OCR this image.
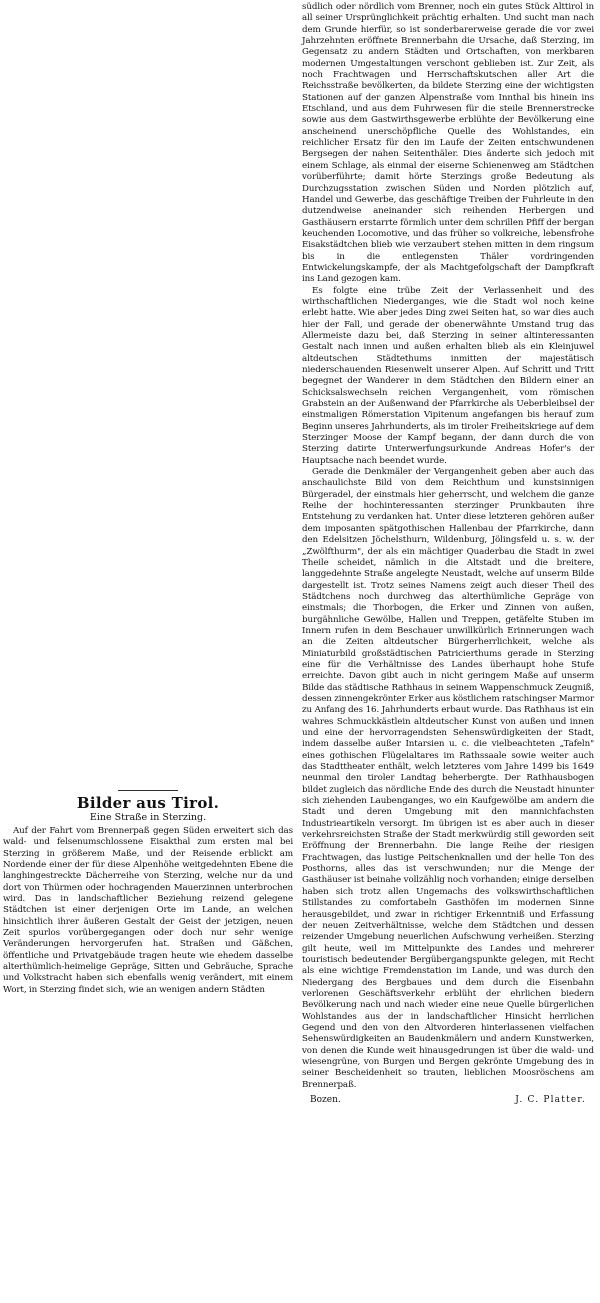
Bilder aus Tirol.

Eine Straße in Sterzing.

Auf der Fahrt vom Brennerpaß gegen Süden erweitert sich das wald- und felsenumschlossene Eisakthal zum ersten mal bei Sterzing in größerem Maße, und der Reisende erblickt am Nordende einer der für diese Alpenhöhe weitgedehnten Ebene die langhingestreckte Dächerreihe von Sterzing, welche nur da und dort von Thürmen oder hochragenden Mauerzinnen unterbrochen wird. Das in landschaftlicher Beziehung reizend gelegene Städtchen ist einer derjenigen Orte im Lande, an welchen hinsichtlich ihrer äußeren Gestalt der Geist der jetzigen, neuen Zeit spurlos vorübergegangen oder doch nur sehr wenige Veränderungen hervorgerufen hat. Straßen und Gäßchen, öffentliche und Privatgebäude tragen heute wie ehedem dasselbe alterthümlich-heimelige Gepräge, Sitten und Gebräuche, Sprache und Volkstracht haben sich ebenfalls wenig verändert, mit einem Wort, in Sterzing findet sich, wie an wenigen andern Städten

südlich oder nördlich vom Brenner, noch ein gutes Stück Alttirol in all seiner Ursprünglichkeit prächtig erhalten. Und sucht man nach dem Grunde hierfür, so ist sonderbarerweise gerade die vor zwei Jahrzehnten eröffnete Brennerbahn die Ursache, daß Sterzing, im Gegensatz zu andern Städten und Ortschaften, von merkbaren modernen Umgestaltungen verschont geblieben ist. Zur Zeit, als noch Frachtwagen und Herrschaftskutschen aller Art die Reichsstraße bevölkerten, da bildete Sterzing eine der wichtigsten Stationen auf der ganzen Alpenstraße vom Innthal bis hinein ins Etschland, und aus dem Fuhrwesen für die steile Brennerstrecke sowie aus dem Gastwirthsgewerbe erblühte der Bevölkerung eine anscheinend unerschöpfliche Quelle des Wohlstandes, ein reichlicher Ersatz für den im Laufe der Zeiten entschwundenen Bergsegen der nahen Seitenthäler. Dies änderte sich jedoch mit einem Schlage, als einmal der eiserne Schienenweg am Städtchen vorüberführte; damit hörte Sterzings große Bedeutung als Durchzugsstation zwischen Süden und Norden plötzlich auf, Handel und Gewerbe, das geschäftige Treiben der Fuhrleute in den dutzendweise aneinander sich reihenden Herbergen und Gasthäusern erstarrte förmlich unter dem schrillen Pfiff der bergan keuchenden Locomotive, und das früher so volkreiche, lebensfrohe Eisakstädtchen blieb wie verzaubert stehen mitten in dem ringsum bis in die entlegensten Thäler vordringenden Entwickelungskampfe, der als Machtgefolgschaft der Dampfkraft ins Land gezogen kam.

Es folgte eine trübe Zeit der Verlassenheit und des wirthschaftlichen Niederganges, wie die Stadt wol noch keine erlebt hatte. Wie aber jedes Ding zwei Seiten hat, so war dies auch hier der Fall, und gerade der obenerwähnte Umstand trug das Allermeiste dazu bei, daß Sterzing in seiner altinteressanten Gestalt nach innen und außen erhalten blieb als ein Kleinjuwel altdeutschen Städtethums inmitten der majestätisch niederschauenden Riesenwelt unserer Alpen. Auf Schritt und Tritt begegnet der Wanderer in dem Städtchen den Bildern einer an Schicksalswechseln reichen Vergangenheit, vom römischen Grabstein an der Außenwand der Pfarrkirche als Ueberbleibsel der einstmaligen Römerstation Vipitenum angefangen bis herauf zum Beginn unseres Jahrhunderts, als im tiroler Freiheitskriege auf dem Sterzinger Moose der Kampf begann, der dann durch die von Sterzing datirte Unterwerfungsurkunde Andreas Hofer's der Hauptsache nach beendet wurde.

Gerade die Denkmäler der Vergangenheit geben aber auch das anschaulichste Bild von dem Reichthum und kunstsinnigen Bürgeradel, der einstmals hier geherrscht, und welchem die ganze Reihe der hochinteressanten sterzinger Prunkbauten ihre Entstehung zu verdanken hat. Unter diese letzteren gehören außer dem imposanten spätgothischen Hallenbau der Pfarrkirche, dann den Edelsitzen Jöchelsthurn, Wildenburg, Jölingsfeld u. s. w. der „Zwölfthurm", der als ein mächtiger Quaderbau die Stadt in zwei Theile scheidet, nämlich in die Altstadt und die breitere, langgedehnte Straße angelegte Neustadt, welche auf unserm Bilde dargestellt ist. Trotz seines Namens zeigt auch dieser Theil des Städtchens noch durchweg das alterthümliche Gepräge von einstmals; die Thorbogen, die Erker und Zinnen von außen, burgähnliche Gewölbe, Hallen und Treppen, getäfelte Stuben im Innern rufen in dem Beschauer unwillkürlich Erinnerungen wach an die Zeiten altdeutscher Bürgerherrlichkeit, welche als Miniaturbild großstädtischen Patricierthums gerade in Sterzing eine für die Verhältnisse des Landes überhaupt hohe Stufe erreichte. Davon gibt auch in nicht geringem Maße auf unserm Bilde das städtische Rathhaus in seinem Wappenschmuck Zeugniß, dessen zinnengekrönter Erker aus köstlichem ratschingser Marmor zu Anfang des 16. Jahrhunderts erbaut wurde. Das Rathhaus ist ein wahres Schmuckkästlein altdeutscher Kunst von außen und innen und eine der hervorragendsten Sehenswürdigkeiten der Stadt, indem dasselbe außer Intarsien u. c. die vielbeachteten „Tafeln" eines gothischen Flügelaltares im Rathssaale sowie weiter auch das Stadttheater enthält, welch letzteres vom Jahre 1499 bis 1649 neunmal den tiroler Landtag beherbergte. Der Rathhausbogen bildet zugleich das nördliche Ende des durch die Neustadt hinunter sich ziehenden Laubenganges, wo ein Kaufgewölbe am andern die Stadt und deren Umgebung mit den mannichfachsten Industrieartikeln versorgt. Im übrigen ist es aber auch in dieser verkehrsreichsten Straße der Stadt merkwürdig still geworden seit Eröffnung der Brennerbahn. Die lange Reihe der riesigen Frachtwagen, das lustige Peitschenknallen und der helle Ton des Posthorns, alles das ist verschwunden; nur die Menge der Gasthäuser ist beinahe vollzählig noch vorhanden; einige derselben haben sich trotz allen Ungemachs des volkswirthschaftlichen Stillstandes zu comfortabeln Gasthöfen im modernen Sinne herausgebildet, und zwar in richtiger Erkenntniß und Erfassung der neuen Zeitverhältnisse, welche dem Städtchen und dessen reizender Umgebung neuerlichen Aufschwung verheißen. Sterzing gilt heute, weil im Mittelpunkte des Landes und mehrerer touristisch bedeutender Bergübergangspunkte gelegen, mit Recht als eine wichtige Fremdenstation im Lande, und was durch den Niedergang des Bergbaues und dem durch die Eisenbahn verlorenen Geschäftsverkehr erblüht der ehrlichen biedern Bevölkerung nach und nach wieder eine neue Quelle bürgerlichen Wohlstandes aus der in landschaftlicher Hinsicht herrlichen Gegend und den von den Altvorderen hinterlassenen vielfachen Sehenswürdigkeiten an Baudenkmälern und andern Kunstwerken, von denen die Kunde weit hinausgedrungen ist über die wald- und wiesengrüne, von Burgen und Bergen gekrönte Umgebung des in seiner Bescheidenheit so trauten, lieblichen Moosröschens am Brennerpaß.

Bozen.	J. C. Platter.
